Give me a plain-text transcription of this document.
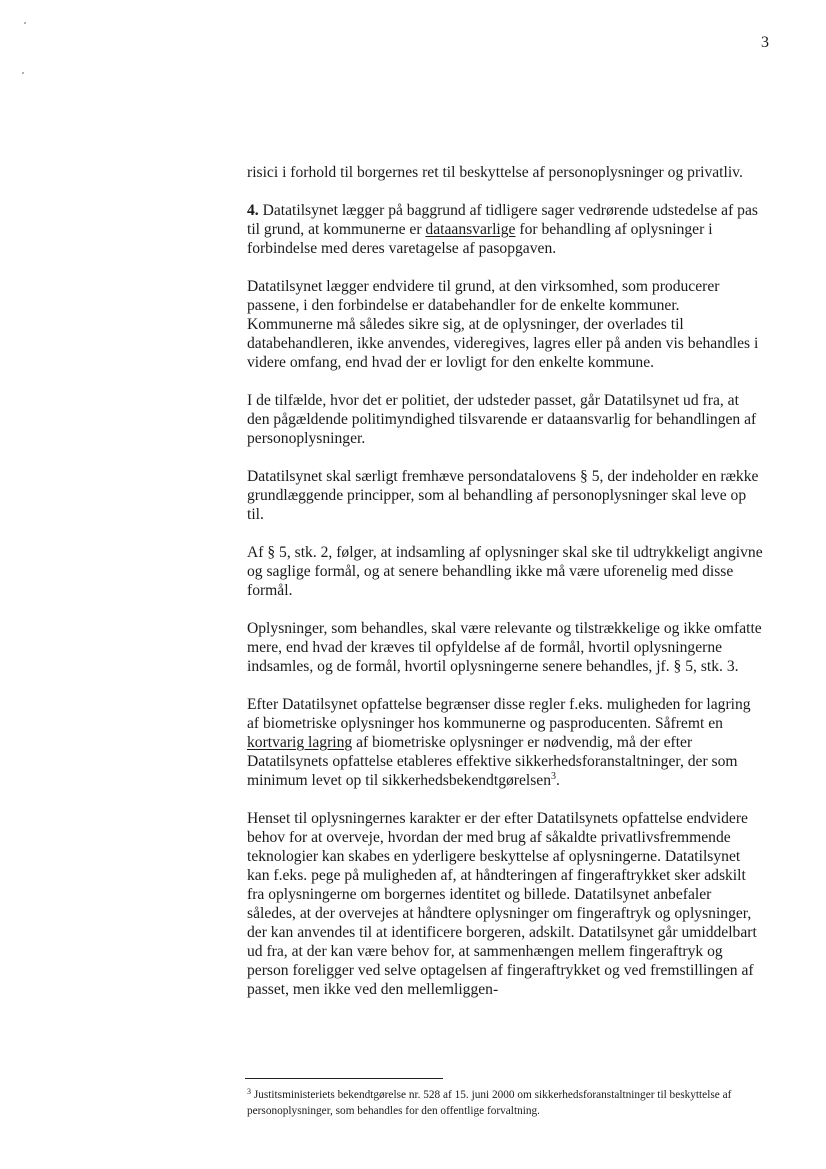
3

risici i forhold til borgernes ret til beskyttelse af personoplysninger og privatliv.

4. Datatilsynet lægger på baggrund af tidligere sager vedrørende udstedelse af pas til grund, at kommunerne er dataansvarlige for behandling af oplysninger i forbindelse med deres varetagelse af pasopgaven.

Datatilsynet lægger endvidere til grund, at den virksomhed, som producerer passene, i den forbindelse er databehandler for de enkelte kommuner. Kommunerne må således sikre sig, at de oplysninger, der overlades til databehandleren, ikke anvendes, videregives, lagres eller på anden vis behandles i videre omfang, end hvad der er lovligt for den enkelte kommune.

I de tilfælde, hvor det er politiet, der udsteder passet, går Datatilsynet ud fra, at den pågældende politimyndighed tilsvarende er dataansvarlig for behandlingen af personoplysninger.

Datatilsynet skal særligt fremhæve persondatalovens § 5, der indeholder en række grundlæggende principper, som al behandling af personoplysninger skal leve op til.

Af § 5, stk. 2, følger, at indsamling af oplysninger skal ske til udtrykkeligt angivne og saglige formål, og at senere behandling ikke må være uforenelig med disse formål.

Oplysninger, som behandles, skal være relevante og tilstrækkelige og ikke omfatte mere, end hvad der kræves til opfyldelse af de formål, hvortil oplysningerne indsamles, og de formål, hvortil oplysningerne senere behandles, jf. § 5, stk. 3.

Efter Datatilsynet opfattelse begrænser disse regler f.eks. muligheden for lagring af biometriske oplysninger hos kommunerne og pasproducenten. Såfremt en kortvarig lagring af biometriske oplysninger er nødvendig, må der efter Datatilsynets opfattelse etableres effektive sikkerhedsforanstaltninger, der som minimum levet op til sikkerhedsbekendtgørelsen$^3$.

Henset til oplysningernes karakter er der efter Datatilsynets opfattelse endvidere behov for at overveje, hvordan der med brug af såkaldte privatlivsfremmende teknologier kan skabes en yderligere beskyttelse af oplysningerne. Datatilsynet kan f.eks. pege på muligheden af, at håndteringen af fingeraftrykket sker adskilt fra oplysningerne om borgernes identitet og billede. Datatilsynet anbefaler således, at der overvejes at håndtere oplysninger om fingeraftryk og oplysninger, der kan anvendes til at identificere borgeren, adskilt. Datatilsynet går umiddelbart ud fra, at der kan være behov for, at sammenhængen mellem fingeraftryk og person foreligger ved selve optagelsen af fingeraftrykket og ved fremstillingen af passet, men ikke ved den mellemliggen-

$^3$ Justitsministeriets bekendtgørelse nr. 528 af 15. juni 2000 om sikkerhedsforanstaltninger til beskyttelse af personoplysninger, som behandles for den offentlige forvaltning.
